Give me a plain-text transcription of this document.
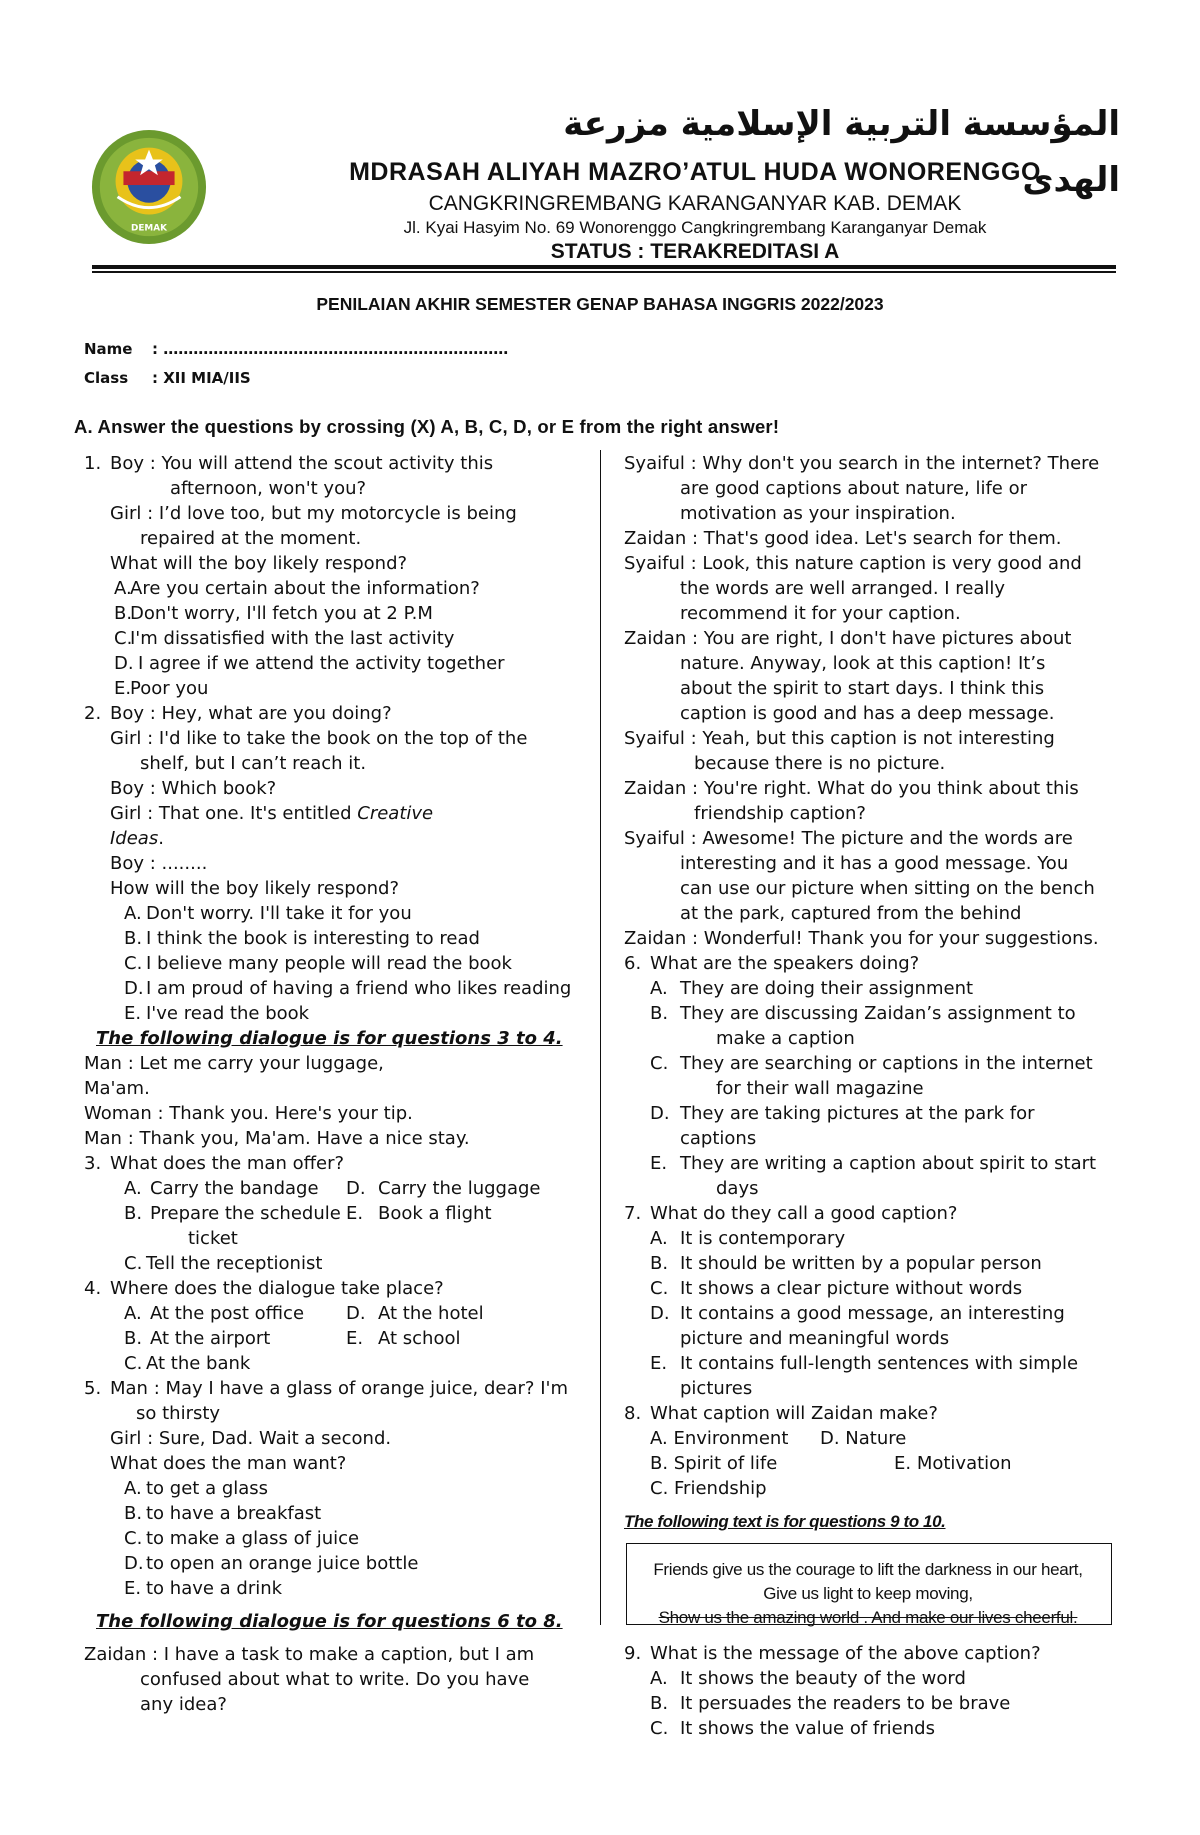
DEMAK
المؤسسة التربية الإسلامية مزرعة الهدى
MDRASAH ALIYAH MAZRO’ATUL HUDA WONORENGGO
CANGKRINGREMBANG KARANGANYAR KAB. DEMAK
Jl. Kyai Hasyim No. 69 Wonorenggo Cangkringrembang Karanganyar Demak
STATUS : TERAKREDITASI A
PENILAIAN AKHIR SEMESTER GENAP BAHASA INGGRIS 2022/2023
Name : ……………………………………………………………
Class : XII MIA/IIS
A. Answer the questions by crossing (X) A, B, C, D, or E from the right answer!
1. Boy : You will attend the scout activity this
afternoon, won't you?
Girl : I’d love too, but my motorcycle is being
repaired at the moment.
What will the boy likely respond?
A.
Are you certain about the information?
B.
Don't worry, I'll fetch you at 2 P.M
C.
I'm dissatisfied with the last activity
D. I agree if we attend the activity together
E.
Poor you
2. Boy : Hey, what are you doing?
Girl : I'd like to take the book on the top of the
shelf, but I can’t reach it.
Boy : Which book?
Girl : That one. It's entitled Creative
Ideas.
Boy : ........
How will the boy likely respond?
A. Don't worry. I'll take it for you
B. I think the book is interesting to read
C. I believe many people will read the book
D. I am proud of having a friend who likes reading
E. I've read the book
The following dialogue is for questions 3 to 4.
Man : Let me carry your luggage,
Ma'am.
Woman : Thank you. Here's your tip.
Man : Thank you, Ma'am. Have a nice stay.
3. What does the man offer?
A. Carry the bandage	D. Carry the luggage
B. Prepare the schedule E. Book a flight
ticket
C. Tell the receptionist
4. Where does the dialogue take place?
A. At the post office	D. At the hotel
B. At the airport	E. At school
C. At the bank
5. Man : May I have a glass of orange juice, dear? I'm
so thirsty
Girl : Sure, Dad. Wait a second.
What does the man want?
A. to get a glass
B. to have a breakfast
C. to make a glass of juice
D. to open an orange juice bottle
E. to have a drink
The following dialogue is for questions 6 to 8.
Zaidan : I have a task to make a caption, but I am
confused about what to write. Do you have
any idea?
Syaiful : Why don't you search in the internet? There
are good captions about nature, life or
motivation as your inspiration.
Zaidan : That's good idea. Let's search for them.
Syaiful : Look, this nature caption is very good and
the words are well arranged. I really
recommend it for your caption.
Zaidan : You are right, I don't have pictures about
nature. Anyway, look at this caption! It’s
about the spirit to start days. I think this
caption is good and has a deep message.
Syaiful : Yeah, but this caption is not interesting
because there is no picture.
Zaidan : You're right. What do you think about this
friendship caption?
Syaiful : Awesome! The picture and the words are
interesting and it has a good message. You
can use our picture when sitting on the bench
at the park, captured from the behind
Zaidan : Wonderful! Thank you for your suggestions.
6. What are the speakers doing?
A. They are doing their assignment
B. They are discussing Zaidan’s assignment to
make a caption
C. They are searching or captions in the internet
for their wall magazine
D. They are taking pictures at the park for captions
E. They are writing a caption about spirit to start
days
7. What do they call a good caption?
A. It is contemporary
B. It should be written by a popular person
C. It shows a clear picture without words
D. It contains a good message, an interesting
picture and meaningful words
E. It contains full-length sentences with simple
pictures
8. What caption will Zaidan make?
A. Environment	D. Nature
B. Spirit of life	E. Motivation
C. Friendship
The following text is for questions 9 to 10.
Friends give us the courage to lift the darkness in our heart,
Give us light to keep moving,
Show us the amazing world . And make our lives cheerful.
9. What is the message of the above caption?
A. It shows the beauty of the word
B. It persuades the readers to be brave
C. It shows the value of friends
